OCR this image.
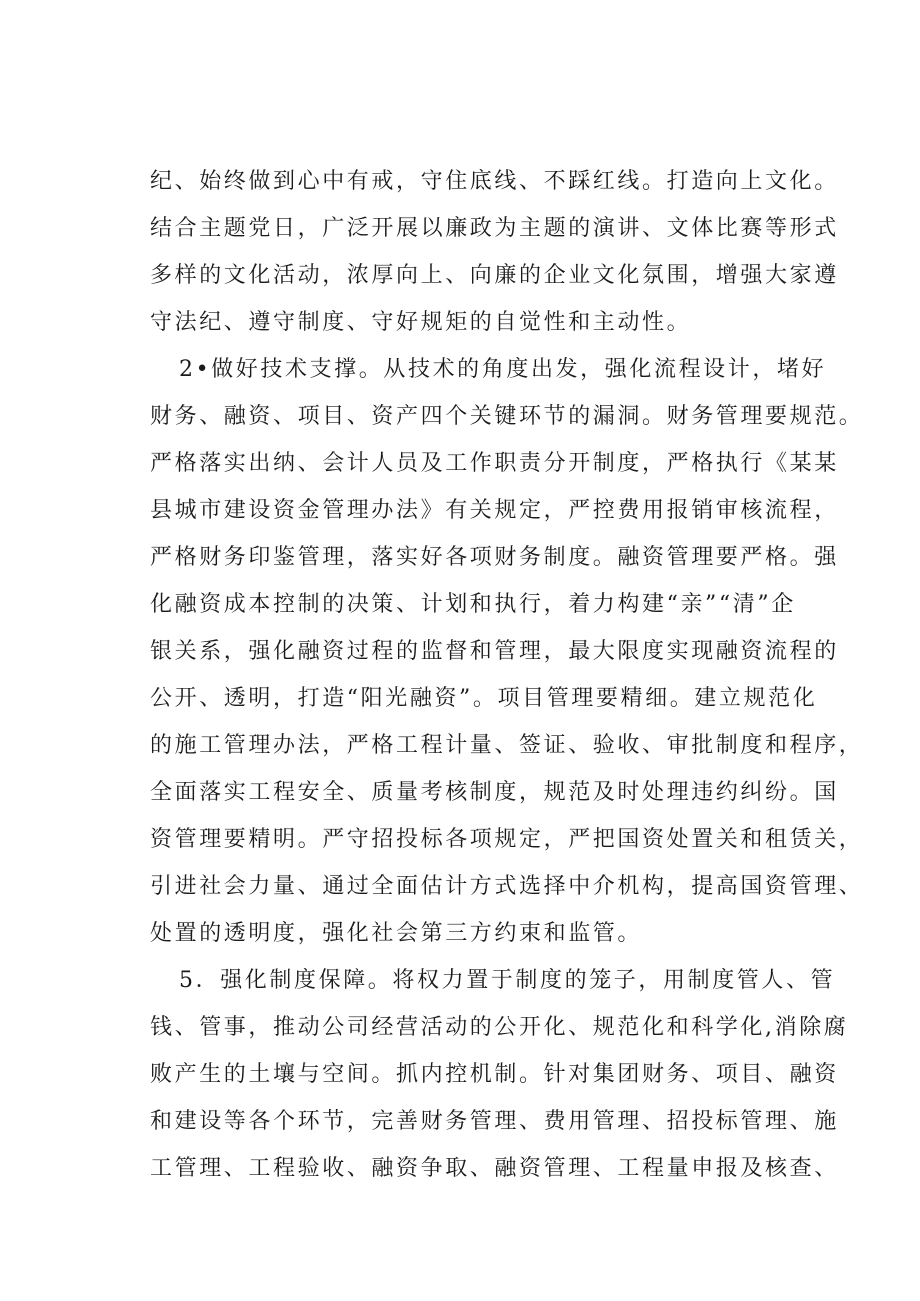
纪、始终做到心中有戒，守住底线、不踩红线。打造向上文化。
结合主题党日，广泛开展以廉政为主题的演讲、文体比赛等形式
多样的文化活动，浓厚向上、向廉的企业文化氛围，增强大家遵
守法纪、遵守制度、守好规矩的自觉性和主动性。
2•做好技术支撑。从技术的角度出发，强化流程设计，堵好
财务、融资、项目、资产四个关键环节的漏洞。财务管理要规范。
严格落实出纳、会计人员及工作职责分开制度，严格执行《某某
县城市建设资金管理办法》有关规定，严控费用报销审核流程，
严格财务印鉴管理，落实好各项财务制度。融资管理要严格。强
化融资成本控制的决策、计划和执行，着力构建“亲”“清”企
银关系，强化融资过程的监督和管理，最大限度实现融资流程的
公开、透明，打造“阳光融资”。项目管理要精细。建立规范化
的施工管理办法，严格工程计量、签证、验收、审批制度和程序，
全面落实工程安全、质量考核制度，规范及时处理违约纠纷。国
资管理要精明。严守招投标各项规定，严把国资处置关和租赁关，
引进社会力量、通过全面估计方式选择中介机构，提高国资管理、
处置的透明度，强化社会第三方约束和监管。
5．强化制度保障。将权力置于制度的笼子，用制度管人、管
钱、管事，推动公司经营活动的公开化、规范化和科学化,消除腐
败产生的土壤与空间。抓内控机制。针对集团财务、项目、融资
和建设等各个环节，完善财务管理、费用管理、招投标管理、施
工管理、工程验收、融资争取、融资管理、工程量申报及核查、
